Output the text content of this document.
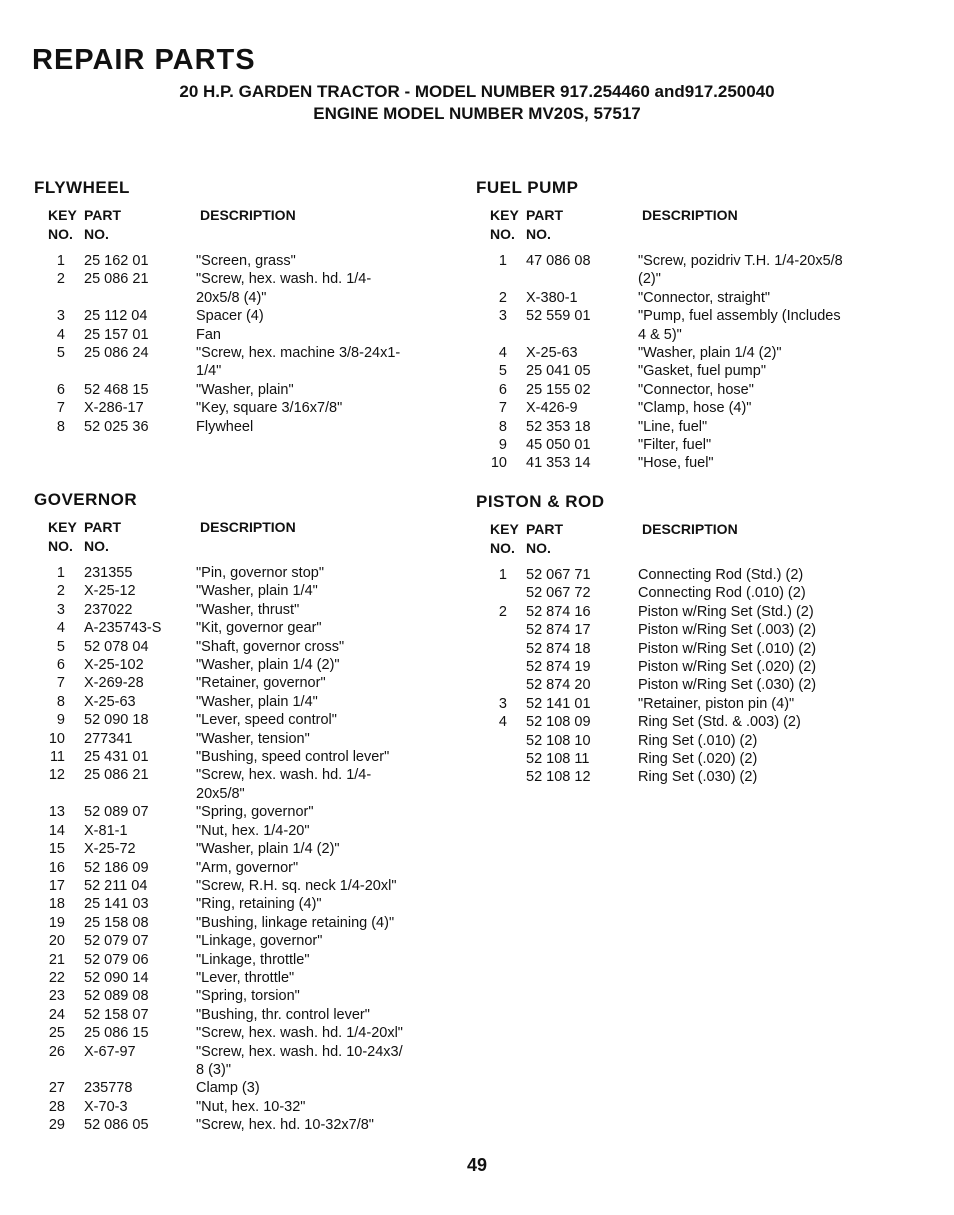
REPAIR PARTS
20 H.P. GARDEN TRACTOR - MODEL NUMBER 917.254460 and917.250040
ENGINE MODEL NUMBER MV20S, 57517
FLYWHEEL
KEY
NO.
PART
NO.
DESCRIPTION
1	25 162 01	"Screen, grass"
2	25 086 21	"Screw, hex. wash. hd. 1/4-
20x5/8 (4)"
3	25 112 04	Spacer (4)
4	25 157 01	Fan
5	25 086 24	"Screw, hex. machine 3/8-24x1-
1/4"
6	52 468 15	"Washer, plain"
7	X-286-17	"Key, square 3/16x7/8"
8	52 025 36	Flywheel
GOVERNOR
KEY
NO.
PART
NO.
DESCRIPTION
1	231355	"Pin, governor stop"
2	X-25-12	"Washer, plain 1/4"
3	237022	"Washer, thrust"
4	A-235743-S	"Kit, governor gear"
5	52 078 04	"Shaft, governor cross"
6	X-25-102	"Washer, plain 1/4 (2)"
7	X-269-28	"Retainer, governor"
8	X-25-63	"Washer, plain 1/4"
9	52 090 18	"Lever, speed control"
10	277341	"Washer, tension"
11	25 431 01	"Bushing, speed control lever"
12	25 086 21	"Screw, hex. wash. hd. 1/4-
20x5/8"
13	52 089 07	"Spring, governor"
14	X-81-1	"Nut, hex. 1/4-20"
15	X-25-72	"Washer, plain 1/4 (2)"
16	52 186 09	"Arm, governor"
17	52 211 04	"Screw, R.H. sq. neck 1/4-20xl"
18	25 141 03	"Ring, retaining (4)"
19	25 158 08	"Bushing, linkage retaining (4)"
20	52 079 07	"Linkage, governor"
21	52 079 06	"Linkage, throttle"
22	52 090 14	"Lever, throttle"
23	52 089 08	"Spring, torsion"
24	52 158 07	"Bushing, thr. control lever"
25	25 086 15	"Screw, hex. wash. hd. 1/4-20xl"
26	X-67-97	"Screw, hex. wash. hd. 10-24x3/
8 (3)"
27	235778	Clamp (3)
28	X-70-3	"Nut, hex. 10-32"
29	52 086 05	"Screw, hex. hd. 10-32x7/8"
FUEL PUMP
KEY
NO.
PART
NO.
DESCRIPTION
1	47 086 08	"Screw, pozidriv T.H. 1/4-20x5/8
(2)"
2	X-380-1	"Connector, straight"
3	52 559 01	"Pump, fuel assembly (Includes
4 & 5)"
4	X-25-63	"Washer, plain 1/4 (2)"
5	25 041 05	"Gasket, fuel pump"
6	25 155 02	"Connector, hose"
7	X-426-9	"Clamp, hose (4)"
8	52 353 18	"Line, fuel"
9	45 050 01	"Filter, fuel"
10	41 353 14	"Hose, fuel"
PISTON & ROD
KEY
NO.
PART
NO.
DESCRIPTION
1	52 067 71	Connecting Rod (Std.) (2)
52 067 72	Connecting Rod (.010) (2)
2	52 874 16	Piston w/Ring Set (Std.) (2)
52 874 17	Piston w/Ring Set (.003) (2)
52 874 18	Piston w/Ring Set (.010) (2)
52 874 19	Piston w/Ring Set (.020) (2)
52 874 20	Piston w/Ring Set (.030) (2)
3	52 141 01	"Retainer, piston pin (4)"
4	52 108 09	Ring Set (Std. & .003) (2)
52 108 10	Ring Set (.010) (2)
52 108 11	Ring Set (.020) (2)
52 108 12	Ring Set (.030) (2)
49
